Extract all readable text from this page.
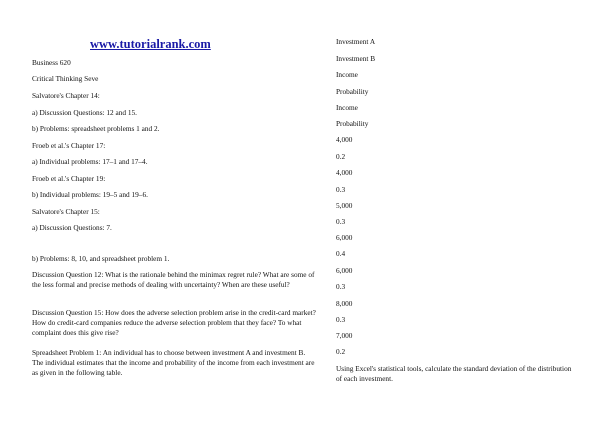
www.tutorialrank.com

Business 620

Critical Thinking Seve

Salvatore's Chapter 14:

a) Discussion Questions: 12 and 15.

b) Problems: spreadsheet problems 1 and 2.

Froeb et al.'s Chapter 17:

a) Individual problems: 17–1 and 17–4.

Froeb et al.'s Chapter 19:

b) Individual problems: 19–5 and 19–6.

Salvatore's Chapter 15:

a) Discussion Questions: 7.

b) Problems: 8, 10, and spreadsheet problem 1.

Discussion Question 12: What is the rationale behind the minimax regret rule? What are some of the less formal and precise methods of dealing with uncertainty? When are these useful?

Discussion Question 15: How does the adverse selection problem arise in the credit-card market? How do credit-card companies reduce the adverse selection problem that they face? To what complaint does this give rise?

Spreadsheet Problem 1: An individual has to choose between investment A and investment B. The individual estimates that the income and probability of the income from each investment are as given in the following table.

Investment A

Investment B

Income

Probability

Income

Probability

4,000

0.2

4,000

0.3

5,000

0.3

6,000

0.4

6,000

0.3

8,000

0.3

7,000

0.2

Using Excel's statistical tools, calculate the standard deviation of the distribution of each investment.
